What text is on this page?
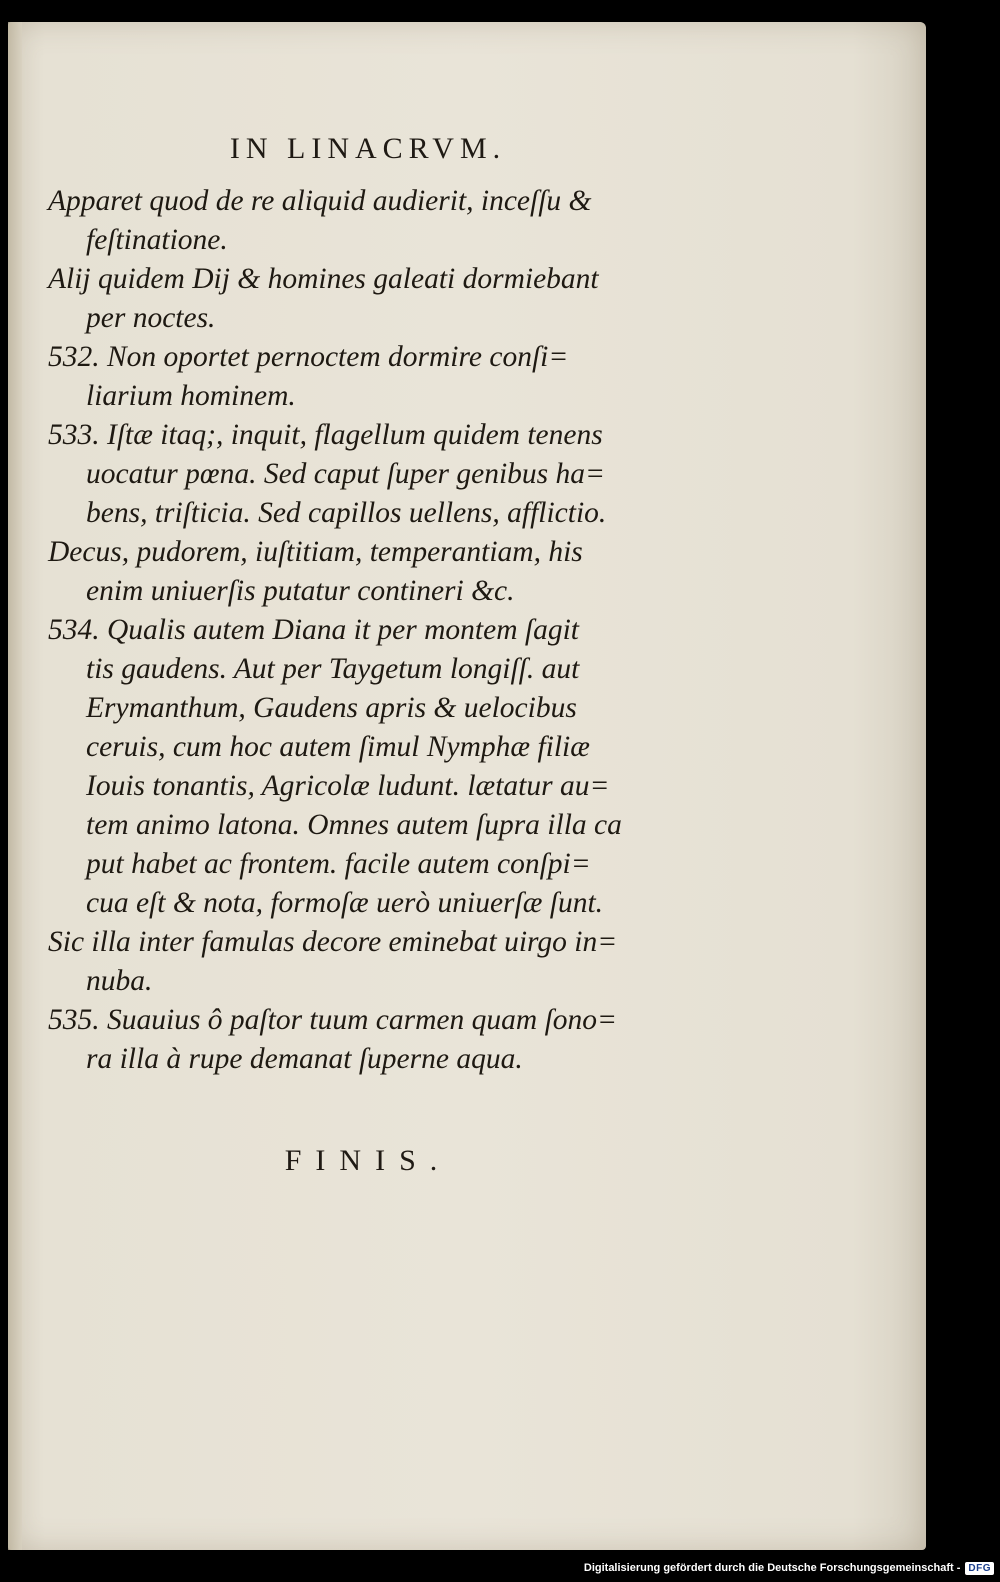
IN LINACRVM.
Apparet quod de re aliquid audierit, inceſſu &
feſtinatione.
Alij quidem Dij & homines galeati dormiebant
per noctes.
532. Non oportet pernoctem dormire conſi=
liarium hominem.
533. Iſtæ itaq;, inquit, flagellum quidem tenens
uocatur pœna. Sed caput ſuper genibus ha=
bens, triſticia. Sed capillos uellens, afflictio.
Decus, pudorem, iuſtitiam, temperantiam, his
enim uniuerſis putatur contineri &c.
534. Qualis autem Diana it per montem ſagit
tis gaudens. Aut per Taygetum longiſſ. aut
Erymanthum, Gaudens apris & uelocibus
ceruis, cum hoc autem ſimul Nymphæ filiæ
Iouis tonantis, Agricolæ ludunt. lætatur au=
tem animo latona. Omnes autem ſupra illa ca
put habet ac frontem. facile autem conſpi=
cua eſt & nota, formoſæ uerò uniuerſæ ſunt.
Sic illa inter famulas decore eminebat uirgo in=
nuba.
535. Suauius ô paſtor tuum carmen quam ſono=
ra illa à rupe demanat ſuperne aqua.
FINIS.
Digitalisierung gefördert durch die Deutsche Forschungsgemeinschaft - DFG
